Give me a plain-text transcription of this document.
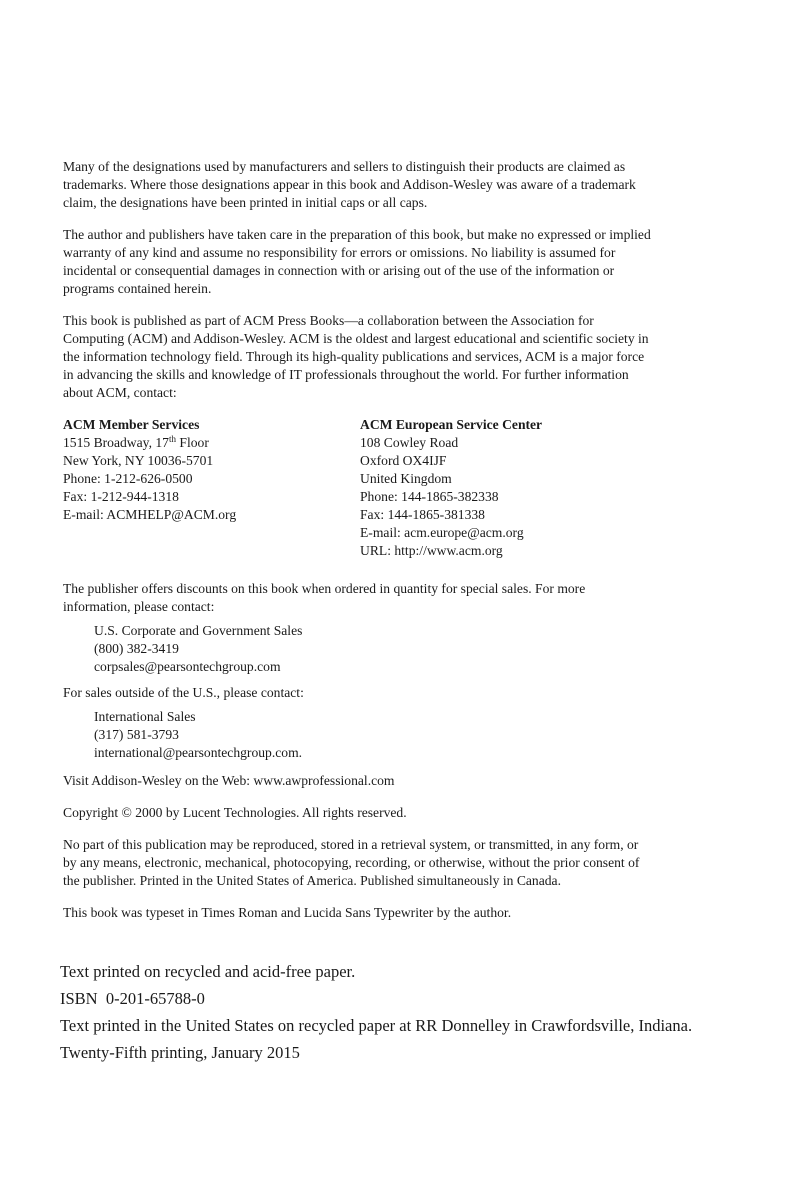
Many of the designations used by manufacturers and sellers to distinguish their products are claimed as trademarks. Where those designations appear in this book and Addison-Wesley was aware of a trademark claim, the designations have been printed in initial caps or all caps.

The author and publishers have taken care in the preparation of this book, but make no expressed or implied warranty of any kind and assume no responsibility for errors or omissions. No liability is assumed for incidental or consequential damages in connection with or arising out of the use of the information or programs contained herein.

This book is published as part of ACM Press Books—a collaboration between the Association for Computing (ACM) and Addison-Wesley. ACM is the oldest and largest educational and scientific society in the information technology field. Through its high-quality publications and services, ACM is a major force in advancing the skills and knowledge of IT professionals throughout the world. For further information about ACM, contact:

ACM Member Services
1515 Broadway, 17th Floor
New York, NY 10036-5701
Phone: 1-212-626-0500
Fax: 1-212-944-1318
E-mail: ACMHELP@ACM.org
ACM European Service Center
108 Cowley Road
Oxford OX4IJF
United Kingdom
Phone: 144-1865-382338
Fax: 144-1865-381338
E-mail: acm.europe@acm.org
URL: http://www.acm.org

The publisher offers discounts on this book when ordered in quantity for special sales. For more information, please contact:

U.S. Corporate and Government Sales
(800) 382-3419
corpsales@pearsontechgroup.com

For sales outside of the U.S., please contact:

International Sales
(317) 581-3793
international@pearsontechgroup.com.

Visit Addison-Wesley on the Web: www.awprofessional.com

Copyright © 2000 by Lucent Technologies. All rights reserved.

No part of this publication may be reproduced, stored in a retrieval system, or transmitted, in any form, or by any means, electronic, mechanical, photocopying, recording, or otherwise, without the prior consent of the publisher. Printed in the United States of America. Published simultaneously in Canada.

This book was typeset in Times Roman and Lucida Sans Typewriter by the author.

Text printed on recycled and acid-free paper.
ISBN  0-201-65788-0
Text printed in the United States on recycled paper at RR Donnelley in Crawfordsville, Indiana.
Twenty-Fifth printing, January 2015
